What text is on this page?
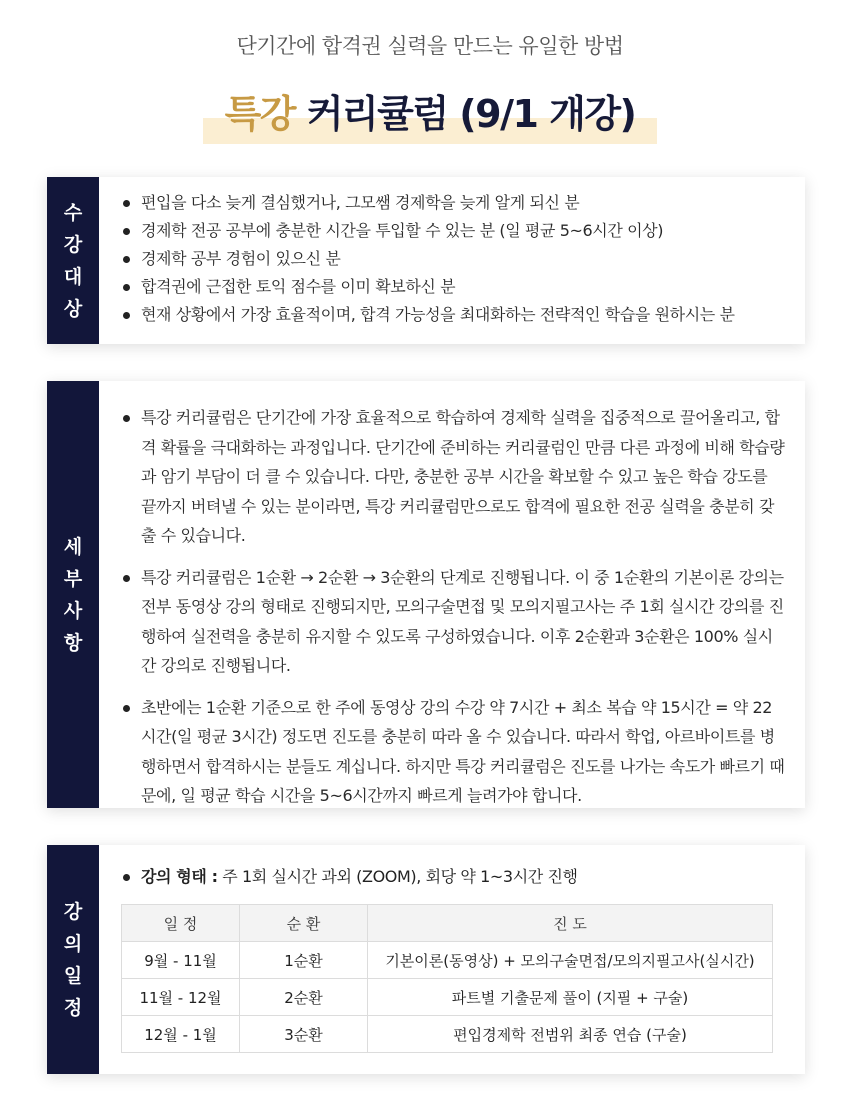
단기간에 합격권 실력을 만드는 유일한 방법
특강 커리큘럼 (9/1 개강)
수
강
대
상
편입을 다소 늦게 결심했거나, 그모쌤 경제학을 늦게 알게 되신 분
경제학 전공 공부에 충분한 시간을 투입할 수 있는 분 (일 평균 5~6시간 이상)
경제학 공부 경험이 있으신 분
합격권에 근접한 토익 점수를 이미 확보하신 분
현재 상황에서 가장 효율적이며, 합격 가능성을 최대화하는 전략적인 학습을 원하시는 분
세
부
사
항
특강 커리큘럼은 단기간에 가장 효율적으로 학습하여 경제학 실력을 집중적으로 끌어올리고, 합격 확률을 극대화하는 과정입니다. 단기간에 준비하는 커리큘럼인 만큼 다른 과정에 비해 학습량과 암기 부담이 더 클 수 있습니다. 다만, 충분한 공부 시간을 확보할 수 있고 높은 학습 강도를 끝까지 버텨낼 수 있는 분이라면, 특강 커리큘럼만으로도 합격에 필요한 전공 실력을 충분히 갖출 수 있습니다.
특강 커리큘럼은 1순환 → 2순환 → 3순환의 단계로 진행됩니다. 이 중 1순환의 기본이론 강의는 전부 동영상 강의 형태로 진행되지만, 모의구술면접 및 모의지필고사는 주 1회 실시간 강의를 진행하여 실전력을 충분히 유지할 수 있도록 구성하였습니다. 이후 2순환과 3순환은 100% 실시간 강의로 진행됩니다.
초반에는 1순환 기준으로 한 주에 동영상 강의 수강 약 7시간 + 최소 복습 약 15시간 = 약 22시간(일 평균 3시간) 정도면 진도를 충분히 따라 올 수 있습니다. 따라서 학업, 아르바이트를 병행하면서 합격하시는 분들도 계십니다. 하지만 특강 커리큘럼은 진도를 나가는 속도가 빠르기 때문에, 일 평균 학습 시간을 5~6시간까지 빠르게 늘려가야 합니다.
강
의
일
정
강의 형태 : 주 1회 실시간 과외 (ZOOM), 회당 약 1~3시간 진행
일 정	순 환	진 도
9월 - 11월	1순환	기본이론(동영상) + 모의구술면접/모의지필고사(실시간)
11월 - 12월	2순환	파트별 기출문제 풀이 (지필 + 구술)
12월 - 1월	3순환	편입경제학 전범위 최종 연습 (구술)
